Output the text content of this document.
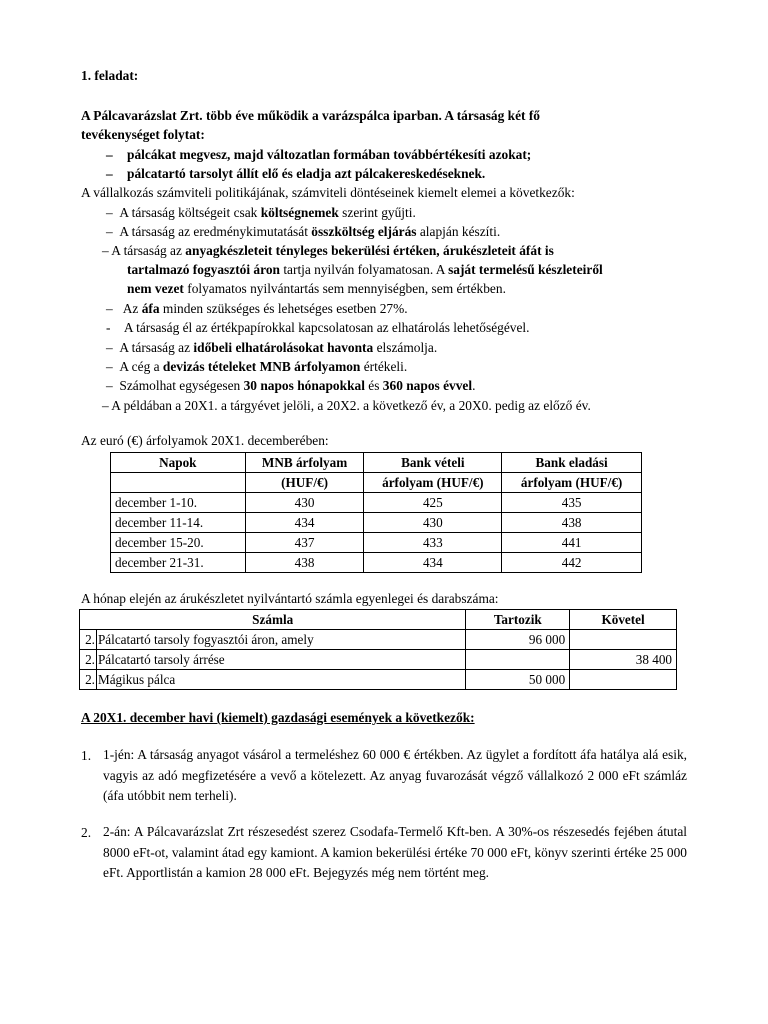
1. feladat:
A Pálcavarázslat Zrt. több éve működik a varázspálca iparban. A társaság két fő
tevékenységet folytat:
– pálcákat megvesz, majd változatlan formában továbbértékesíti azokat;
– pálcatartó tarsolyt állít elő és eladja azt pálcakereskedéseknek.
A vállalkozás számviteli politikájának, számviteli döntéseinek kiemelt elemei a következők:
– A társaság költségeit csak költségnemek szerint gyűjti.
– A társaság az eredménykimutatását összköltség eljárás alapján készíti.
– A társaság az anyagkészleteit tényleges bekerülési értéken, árukészleteit áfát is
tartalmazó fogyasztói áron tartja nyilván folyamatosan. A saját termelésű készleteiről
nem vezet folyamatos nyilvántartás sem mennyiségben, sem értékben.
– Az áfa minden szükséges és lehetséges esetben 27%.
- A társaság él az értékpapírokkal kapcsolatosan az elhatárolás lehetőségével.
– A társaság az időbeli elhatárolásokat havonta elszámolja.
– A cég a devizás tételeket MNB árfolyamon értékeli.
– Számolhat egységesen 30 napos hónapokkal és 360 napos évvel.
– A példában a 20X1. a tárgyévet jelöli, a 20X2. a következő év, a 20X0. pedig az előző év.
Az euró (€) árfolyamok 20X1. decemberében:
Napok	MNB árfolyam	Bank vételi	Bank eladási
	(HUF/€)	árfolyam (HUF/€)	árfolyam (HUF/€)
december 1-10.	430	425	435
december 11-14.	434	430	438
december 15-20.	437	433	441
december 21-31.	438	434	442
A hónap elején az árukészletet nyilvántartó számla egyenlegei és darabszáma:
Számla		Tartozik	Követel
2.	Pálcatartó tarsoly fogyasztói áron, amely	96 000	
2.	Pálcatartó tarsoly árrése		38 400
2.	Mágikus pálca	50 000	
A 20X1. december havi (kiemelt) gazdasági események a következők:
1. 1-jén: A társaság anyagot vásárol a termeléshez 60 000 € értékben. Az ügylet a fordított áfa hatálya alá esik, vagyis az adó megfizetésére a vevő a kötelezett. Az anyag fuvarozását végző vállalkozó 2 000 eFt számláz (áfa utóbbit nem terheli).
2. 2-án: A Pálcavarázslat Zrt részesedést szerez Csodafa-Termelő Kft-ben. A 30%-os részesedés fejében átutal 8000 eFt-ot, valamint átad egy kamiont. A kamion bekerülési értéke 70 000 eFt, könyv szerinti értéke 25 000 eFt. Apportlistán a kamion 28 000 eFt. Bejegyzés még nem történt meg.
